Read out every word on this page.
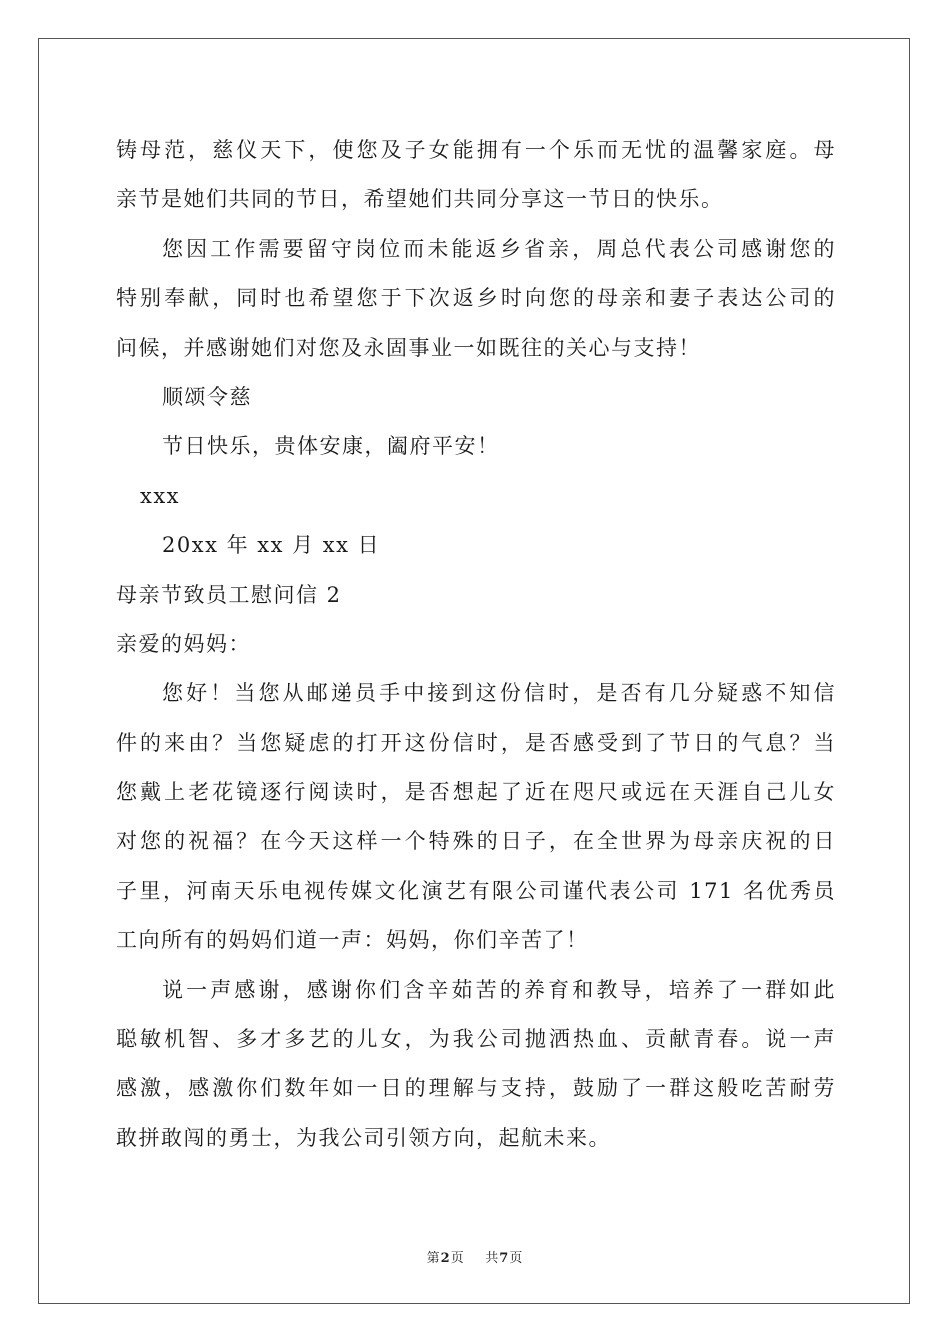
铸母范，慈仪天下，使您及子女能拥有一个乐而无忧的温馨家庭。母
亲节是她们共同的节日，希望她们共同分享这一节日的快乐。
您因工作需要留守岗位而未能返乡省亲，周总代表公司感谢您的
特别奉献，同时也希望您于下次返乡时向您的母亲和妻子表达公司的
问候，并感谢她们对您及永固事业一如既往的关心与支持！
顺颂令慈
节日快乐，贵体安康，阖府平安！
xxx
20xx 年 xx 月 xx 日
母亲节致员工慰问信 2
亲爱的妈妈：
您好！当您从邮递员手中接到这份信时，是否有几分疑惑不知信
件的来由？当您疑虑的打开这份信时，是否感受到了节日的气息？当
您戴上老花镜逐行阅读时，是否想起了近在咫尺或远在天涯自己儿女
对您的祝福？在今天这样一个特殊的日子，在全世界为母亲庆祝的日
子里，河南天乐电视传媒文化演艺有限公司谨代表公司 171 名优秀员
工向所有的妈妈们道一声：妈妈，你们辛苦了！
说一声感谢，感谢你们含辛茹苦的养育和教导，培养了一群如此
聪敏机智、多才多艺的儿女，为我公司抛洒热血、贡献青春。说一声
感激，感激你们数年如一日的理解与支持，鼓励了一群这般吃苦耐劳
敢拼敢闯的勇士，为我公司引领方向，起航未来。
第2页 共7页
